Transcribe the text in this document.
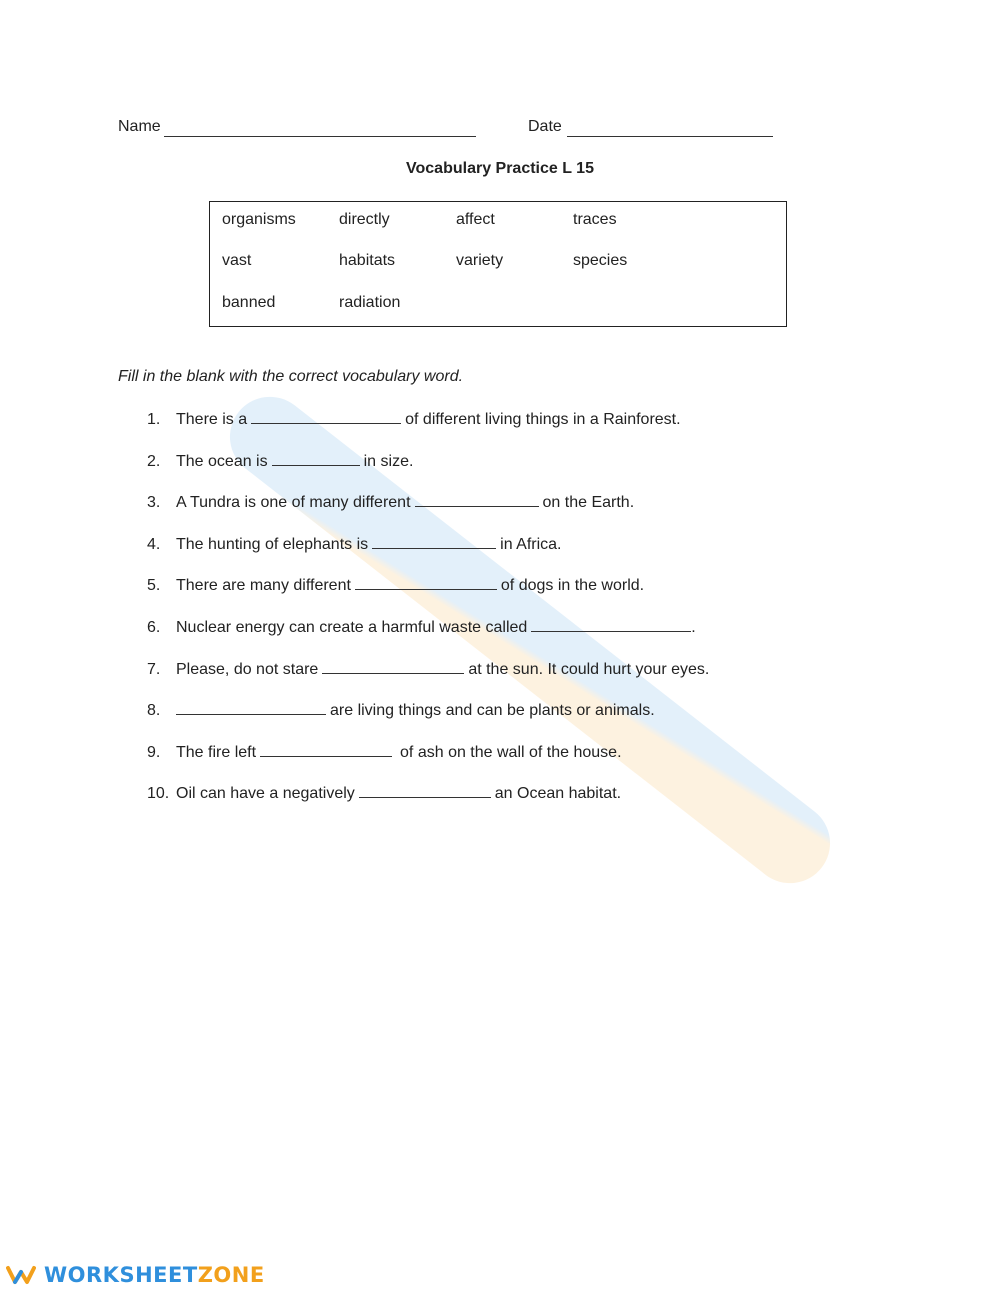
Name	Date
Vocabulary Practice L 15
organisms	directly	affect	traces
vast	habitats	variety	species
banned	radiation
Fill in the blank with the correct vocabulary word.
1. There is a	of different living things in a Rainforest.
2. The ocean is	in size.
3. A Tundra is one of many different	on the Earth.
4. The hunting of elephants is	in Africa.
5. There are many different	of dogs in the world.
6. Nuclear energy can create a harmful waste called	.
7. Please, do not stare	at the sun. It could hurt your eyes.
8.	are living things and can be plants or animals.
9. The fire left	of ash on the wall of the house.
10. Oil can have a negatively	an Ocean habitat.
WORKSHEETZONE
